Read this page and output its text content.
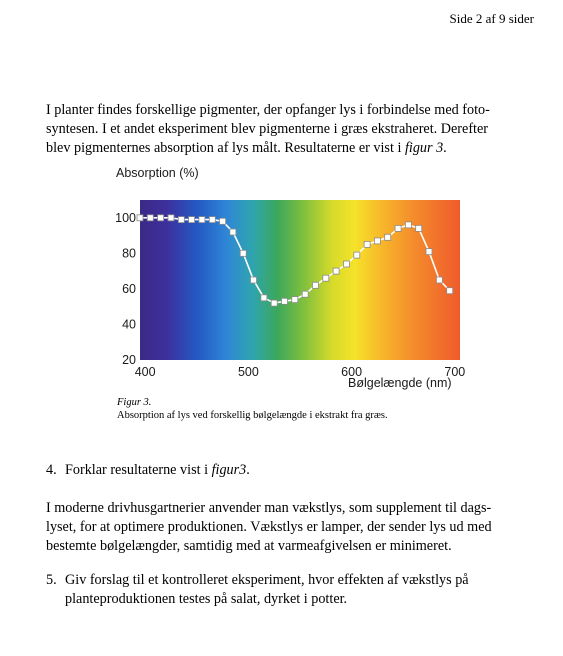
Side 2 af 9 sider

I planter findes forskellige pigmenter, der opfanger lys i forbindelse med foto-
syntesen. I et andet eksperiment blev pigmenterne i græs ekstraheret. Derefter
blev pigmenternes absorption af lys målt. Resultaterne er vist i figur 3.

Absorption (%)
Bølgelængde (nm)
100
80
60
40
20
400	500	600	700
Figur 3.
Absorption af lys ved forskellig bølgelængde i ekstrakt fra græs.

4. Forklar resultaterne vist i figur3.

I moderne drivhusgartnerier anvender man vækstlys, som supplement til dags-
lyset, for at optimere produktionen. Vækstlys er lamper, der sender lys ud med
bestemte bølgelængder, samtidig med at varmeafgivelsen er minimeret.

5. Giv forslag til et kontrolleret eksperiment, hvor effekten af vækstlys på
planteproduktionen testes på salat, dyrket i potter.
